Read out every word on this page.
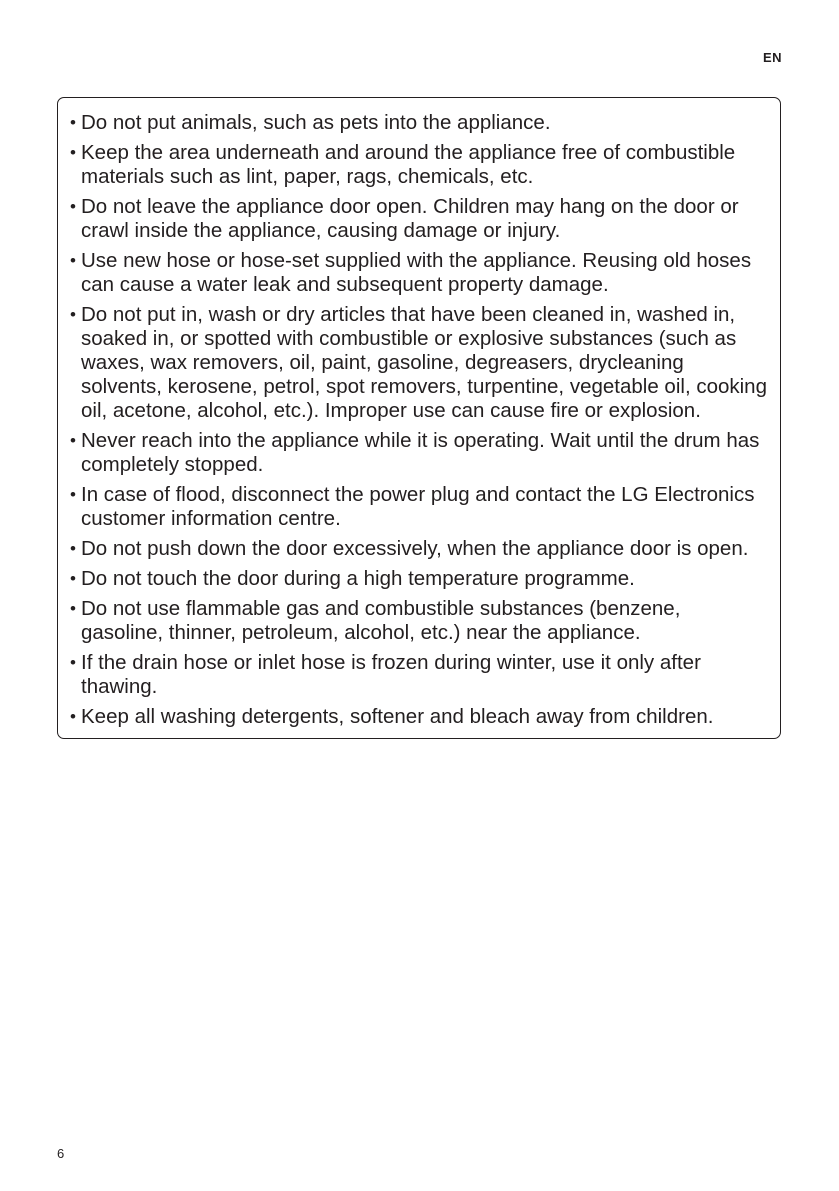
EN
• Do not put animals, such as pets into the appliance.
• Keep the area underneath and around the appliance free of combustible materials such as lint, paper, rags, chemicals, etc.
• Do not leave the appliance door open. Children may hang on the door or crawl inside the appliance, causing damage or injury.
• Use new hose or hose-set supplied with the appliance. Reusing old hoses can cause a water leak and subsequent property damage.
• Do not put in, wash or dry articles that have been cleaned in, washed in, soaked in, or spotted with combustible or explosive substances (such as waxes, wax removers, oil, paint, gasoline, degreasers, drycleaning solvents, kerosene, petrol, spot removers, turpentine, vegetable oil, cooking oil, acetone, alcohol, etc.). Improper use can cause fire or explosion.
• Never reach into the appliance while it is operating. Wait until the drum has completely stopped.
• In case of flood, disconnect the power plug and contact the LG Electronics customer information centre.
• Do not push down the door excessively, when the appliance door is open.
• Do not touch the door during a high temperature programme.
• Do not use flammable gas and combustible substances (benzene, gasoline, thinner, petroleum, alcohol, etc.) near the appliance.
• If the drain hose or inlet hose is frozen during winter, use it only after thawing.
• Keep all washing detergents, softener and bleach away from children.
6
